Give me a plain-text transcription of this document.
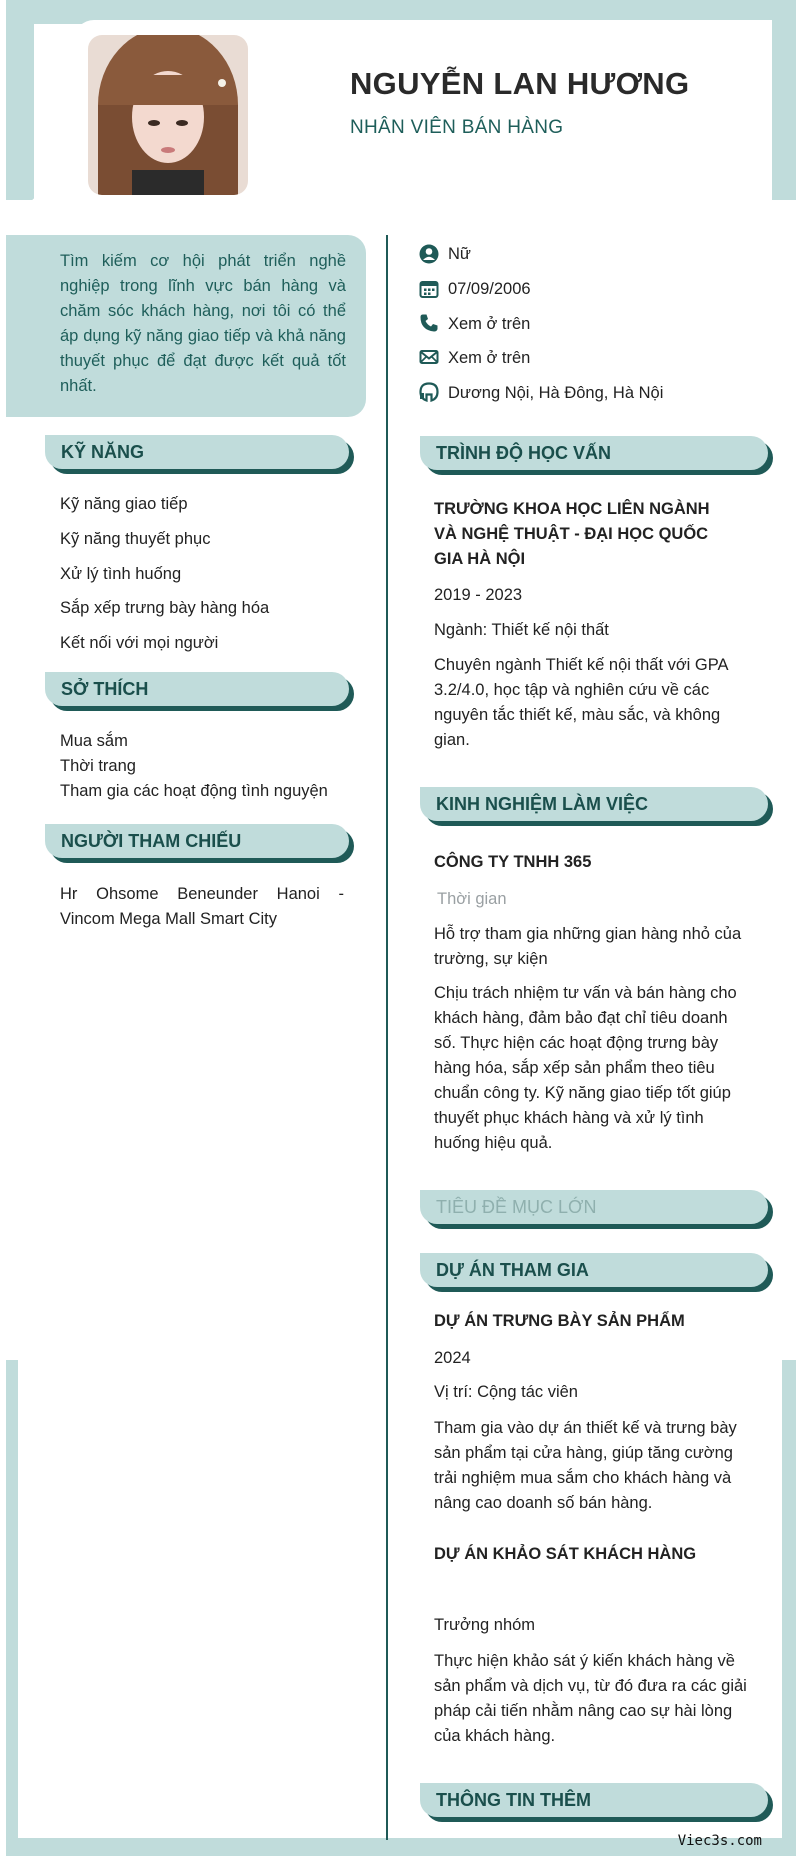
NGUYỄN LAN HƯƠNG
NHÂN VIÊN BÁN HÀNG
Tìm kiếm cơ hội phát triển nghề nghiệp trong lĩnh vực bán hàng và chăm sóc khách hàng, nơi tôi có thể áp dụng kỹ năng giao tiếp và khả năng thuyết phục để đạt được kết quả tốt nhất.
Nữ
07/09/2006
Xem ở trên
Xem ở trên
Dương Nội, Hà Đông, Hà Nội
KỸ NĂNG
Kỹ năng giao tiếp
Kỹ năng thuyết phục
Xử lý tình huống
Sắp xếp trưng bày hàng hóa
Kết nối với mọi người
SỞ THÍCH
Mua sắm
Thời trang
Tham gia các hoạt động tình nguyện
NGƯỜI THAM CHIẾU
Hr Ohsome Beneunder Hanoi - Vincom Mega Mall Smart City
TRÌNH ĐỘ HỌC VẤN
TRƯỜNG KHOA HỌC LIÊN NGÀNH VÀ NGHỆ THUẬT - ĐẠI HỌC QUỐC GIA HÀ NỘI
2019 - 2023
Ngành: Thiết kế nội thất
Chuyên ngành Thiết kế nội thất với GPA 3.2/4.0, học tập và nghiên cứu về các nguyên tắc thiết kế, màu sắc, và không gian.
KINH NGHIỆM LÀM VIỆC
CÔNG TY TNHH 365
Thời gian
Hỗ trợ tham gia những gian hàng nhỏ của trường, sự kiện
Chịu trách nhiệm tư vấn và bán hàng cho khách hàng, đảm bảo đạt chỉ tiêu doanh số. Thực hiện các hoạt động trưng bày hàng hóa, sắp xếp sản phẩm theo tiêu chuẩn công ty. Kỹ năng giao tiếp tốt giúp thuyết phục khách hàng và xử lý tình huống hiệu quả.
TIÊU ĐỀ MỤC LỚN
DỰ ÁN THAM GIA
DỰ ÁN TRƯNG BÀY SẢN PHẨM
2024
Vị trí: Cộng tác viên
Tham gia vào dự án thiết kế và trưng bày sản phẩm tại cửa hàng, giúp tăng cường trải nghiệm mua sắm cho khách hàng và nâng cao doanh số bán hàng.
DỰ ÁN KHẢO SÁT KHÁCH HÀNG
Trưởng nhóm
Thực hiện khảo sát ý kiến khách hàng về sản phẩm và dịch vụ, từ đó đưa ra các giải pháp cải tiến nhằm nâng cao sự hài lòng của khách hàng.
THÔNG TIN THÊM
Viec3s.com
